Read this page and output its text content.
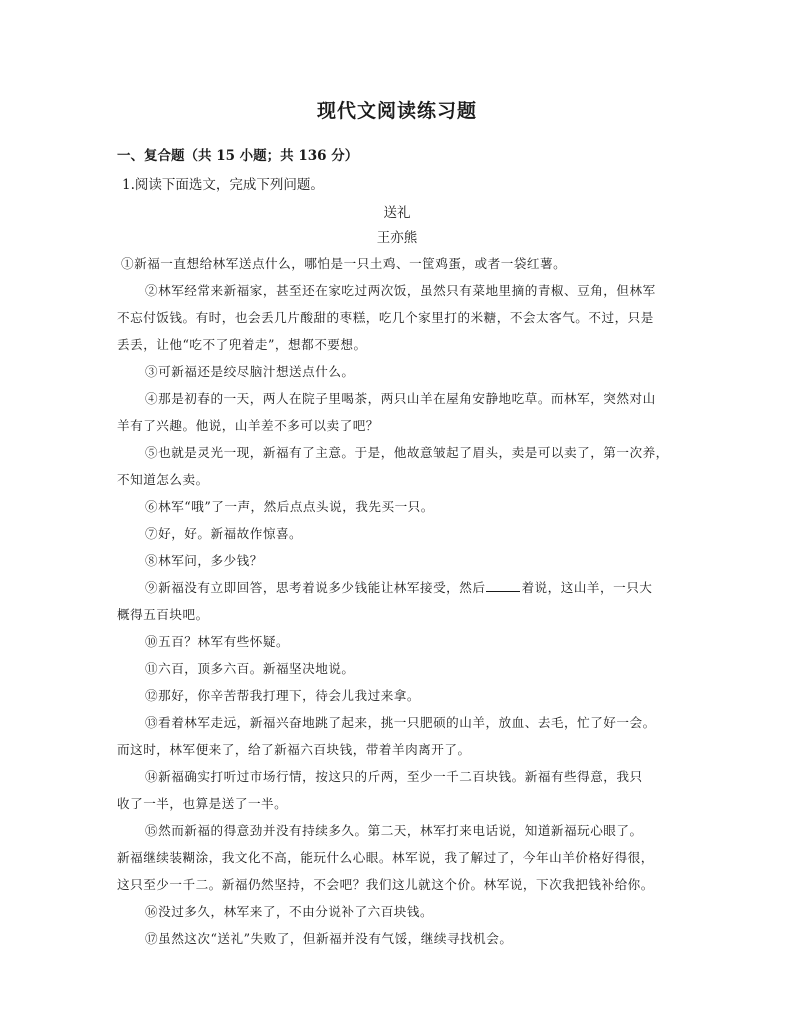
现代文阅读练习题
一、复合题（共 15 小题；共 136 分）
1.阅读下面选文，完成下列问题。
送礼
王亦熊

①新福一直想给林军送点什么，哪怕是一只土鸡、一筐鸡蛋，或者一袋红薯。

②林军经常来新福家，甚至还在家吃过两次饭，虽然只有菜地里摘的青椒、豆角，但林军

不忘付饭钱。有时，也会丢几片酸甜的枣糕，吃几个家里打的米糖，不会太客气。不过，只是

丢丢，让他“吃不了兜着走”，想都不要想。

③可新福还是绞尽脑汁想送点什么。

④那是初春的一天，两人在院子里喝茶，两只山羊在屋角安静地吃草。而林军，突然对山

羊有了兴趣。他说，山羊差不多可以卖了吧？

⑤也就是灵光一现，新福有了主意。于是，他故意皱起了眉头，卖是可以卖了，第一次养，

不知道怎么卖。

⑥林军“哦”了一声，然后点点头说，我先买一只。

⑦好，好。新福故作惊喜。

⑧林军问，多少钱？

⑨新福没有立即回答，思考着说多少钱能让林军接受，然后	着说，这山羊，一只大

概得五百块吧。

⑩五百？林军有些怀疑。

⑪六百，顶多六百。新福坚决地说。

⑫那好，你辛苦帮我打理下，待会儿我过来拿。

⑬看着林军走远，新福兴奋地跳了起来，挑一只肥硕的山羊，放血、去毛，忙了好一会。

而这时，林军便来了，给了新福六百块钱，带着羊肉离开了。

⑭新福确实打听过市场行情，按这只的斤两，至少一千二百块钱。新福有些得意，我只

收了一半，也算是送了一半。

⑮然而新福的得意劲并没有持续多久。第二天，林军打来电话说，知道新福玩心眼了。

新福继续装糊涂，我文化不高，能玩什么心眼。林军说，我了解过了，今年山羊价格好得很，

这只至少一千二。新福仍然坚持，不会吧？我们这儿就这个价。林军说，下次我把钱补给你。

⑯没过多久，林军来了，不由分说补了六百块钱。

⑰虽然这次“送礼”失败了，但新福并没有气馁，继续寻找机会。
